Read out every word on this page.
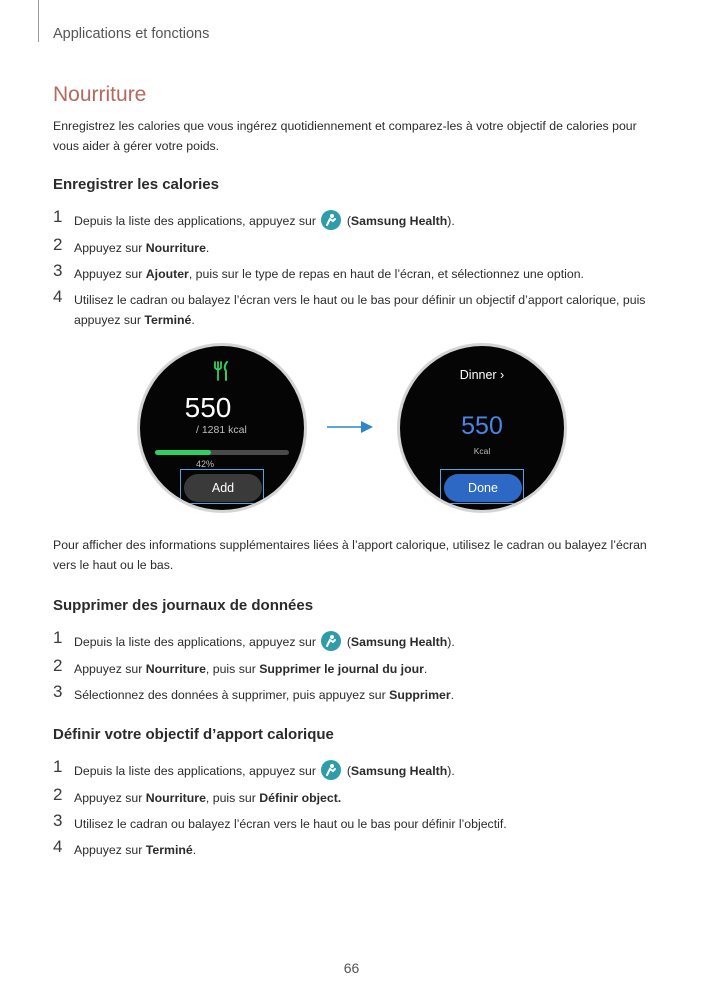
Applications et fonctions
Nourriture
Enregistrez les calories que vous ingérez quotidiennement et comparez-les à votre objectif de calories pour vous aider à gérer votre poids.
Enregistrer les calories
1 Depuis la liste des applications, appuyez sur
(Samsung Health).
2 Appuyez sur Nourriture.
3 Appuyez sur Ajouter, puis sur le type de repas en haut de l’écran, et sélectionnez une option.
4 Utilisez le cadran ou balayez l’écran vers le haut ou le bas pour définir un objectif d’apport calorique, puis appuyez sur Terminé.
550
/ 1281 kcal
42%
Add
Dinner ›
550
Kcal
Done
Pour afficher des informations supplémentaires liées à l’apport calorique, utilisez le cadran ou balayez l’écran vers le haut ou le bas.
Supprimer des journaux de données
1 Depuis la liste des applications, appuyez sur
(Samsung Health).
2 Appuyez sur Nourriture, puis sur Supprimer le journal du jour.
3 Sélectionnez des données à supprimer, puis appuyez sur Supprimer.
Définir votre objectif d’apport calorique
1 Depuis la liste des applications, appuyez sur
(Samsung Health).
2 Appuyez sur Nourriture, puis sur Définir object.
3 Utilisez le cadran ou balayez l’écran vers le haut ou le bas pour définir l’objectif.
4 Appuyez sur Terminé.
66
